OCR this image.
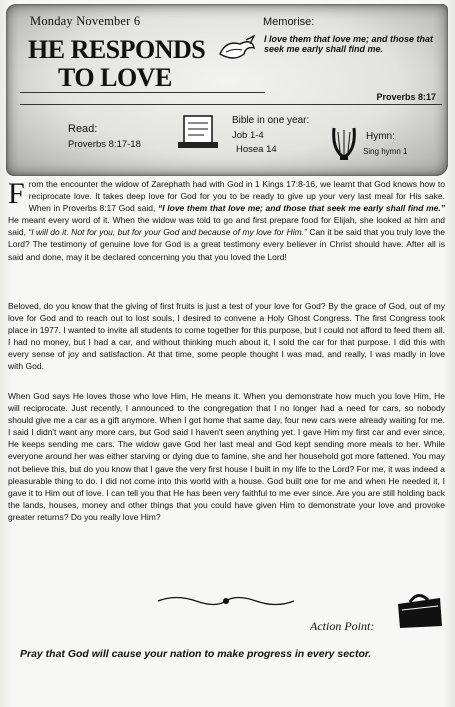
Monday November 6
HE RESPONDS
TO LOVE
Memorise:
I love them that love me; and those that seek me early shall find me.
Proverbs 8:17
Read:
Proverbs 8:17-18
Bible in one year:
Job 1-4
Hosea 14
Hymn:
Sing hymn 1
F rom the encounter the widow of Zarephath had with God in 1 Kings 17:8-16, we learnt that God knows how to reciprocate love. It takes deep love for God for you to be ready to give up your very last meal for His sake. When in Proverbs 8:17 God said, “I love them that love me; and those that seek me early shall find me.” He meant every word of it. When the widow was told to go and first prepare food for Elijah, she looked at him and said, “I will do it. Not for you, but for your God and because of my love for Him.” Can it be said that you truly love the Lord? The testimony of genuine love for God is a great testimony every believer in Christ should have. After all is said and done, may it be declared concerning you that you loved the Lord!
Beloved, do you know that the giving of first fruits is just a test of your love for God? By the grace of God, out of my love for God and to reach out to lost souls, I desired to convene a Holy Ghost Congress. The first Congress took place in 1977. I wanted to invite all students to come together for this purpose, but I could not afford to feed them all. I had no money, but I had a car, and without thinking much about it, I sold the car for that purpose. I did this with every sense of joy and satisfaction. At that time, some people thought I was mad, and really, I was madly in love with God.
When God says He loves those who love Him, He means it. When you demonstrate how much you love Him, He will reciprocate. Just recently, I announced to the congregation that I no longer had a need for cars, so nobody should give me a car as a gift anymore. When I got home that same day, four new cars were already waiting for me. I said I didn't want any more cars, but God said I haven't seen anything yet. I gave Him my first car and ever since, He keeps sending me cars. The widow gave God her last meal and God kept sending more meals to her. While everyone around her was either starving or dying due to famine, she and her household got more fattened. You may not believe this, but do you know that I gave the very first house I built in my life to the Lord? For me, it was indeed a pleasurable thing to do. I did not come into this world with a house. God built one for me and when He needed it, I gave it to Him out of love. I can tell you that He has been very faithful to me ever since. Are you are still holding back the lands, houses, money and other things that you could have given Him to demonstrate your love and provoke greater returns? Do you really love Him?
Action Point:
Pray that God will cause your nation to make progress in every sector.
